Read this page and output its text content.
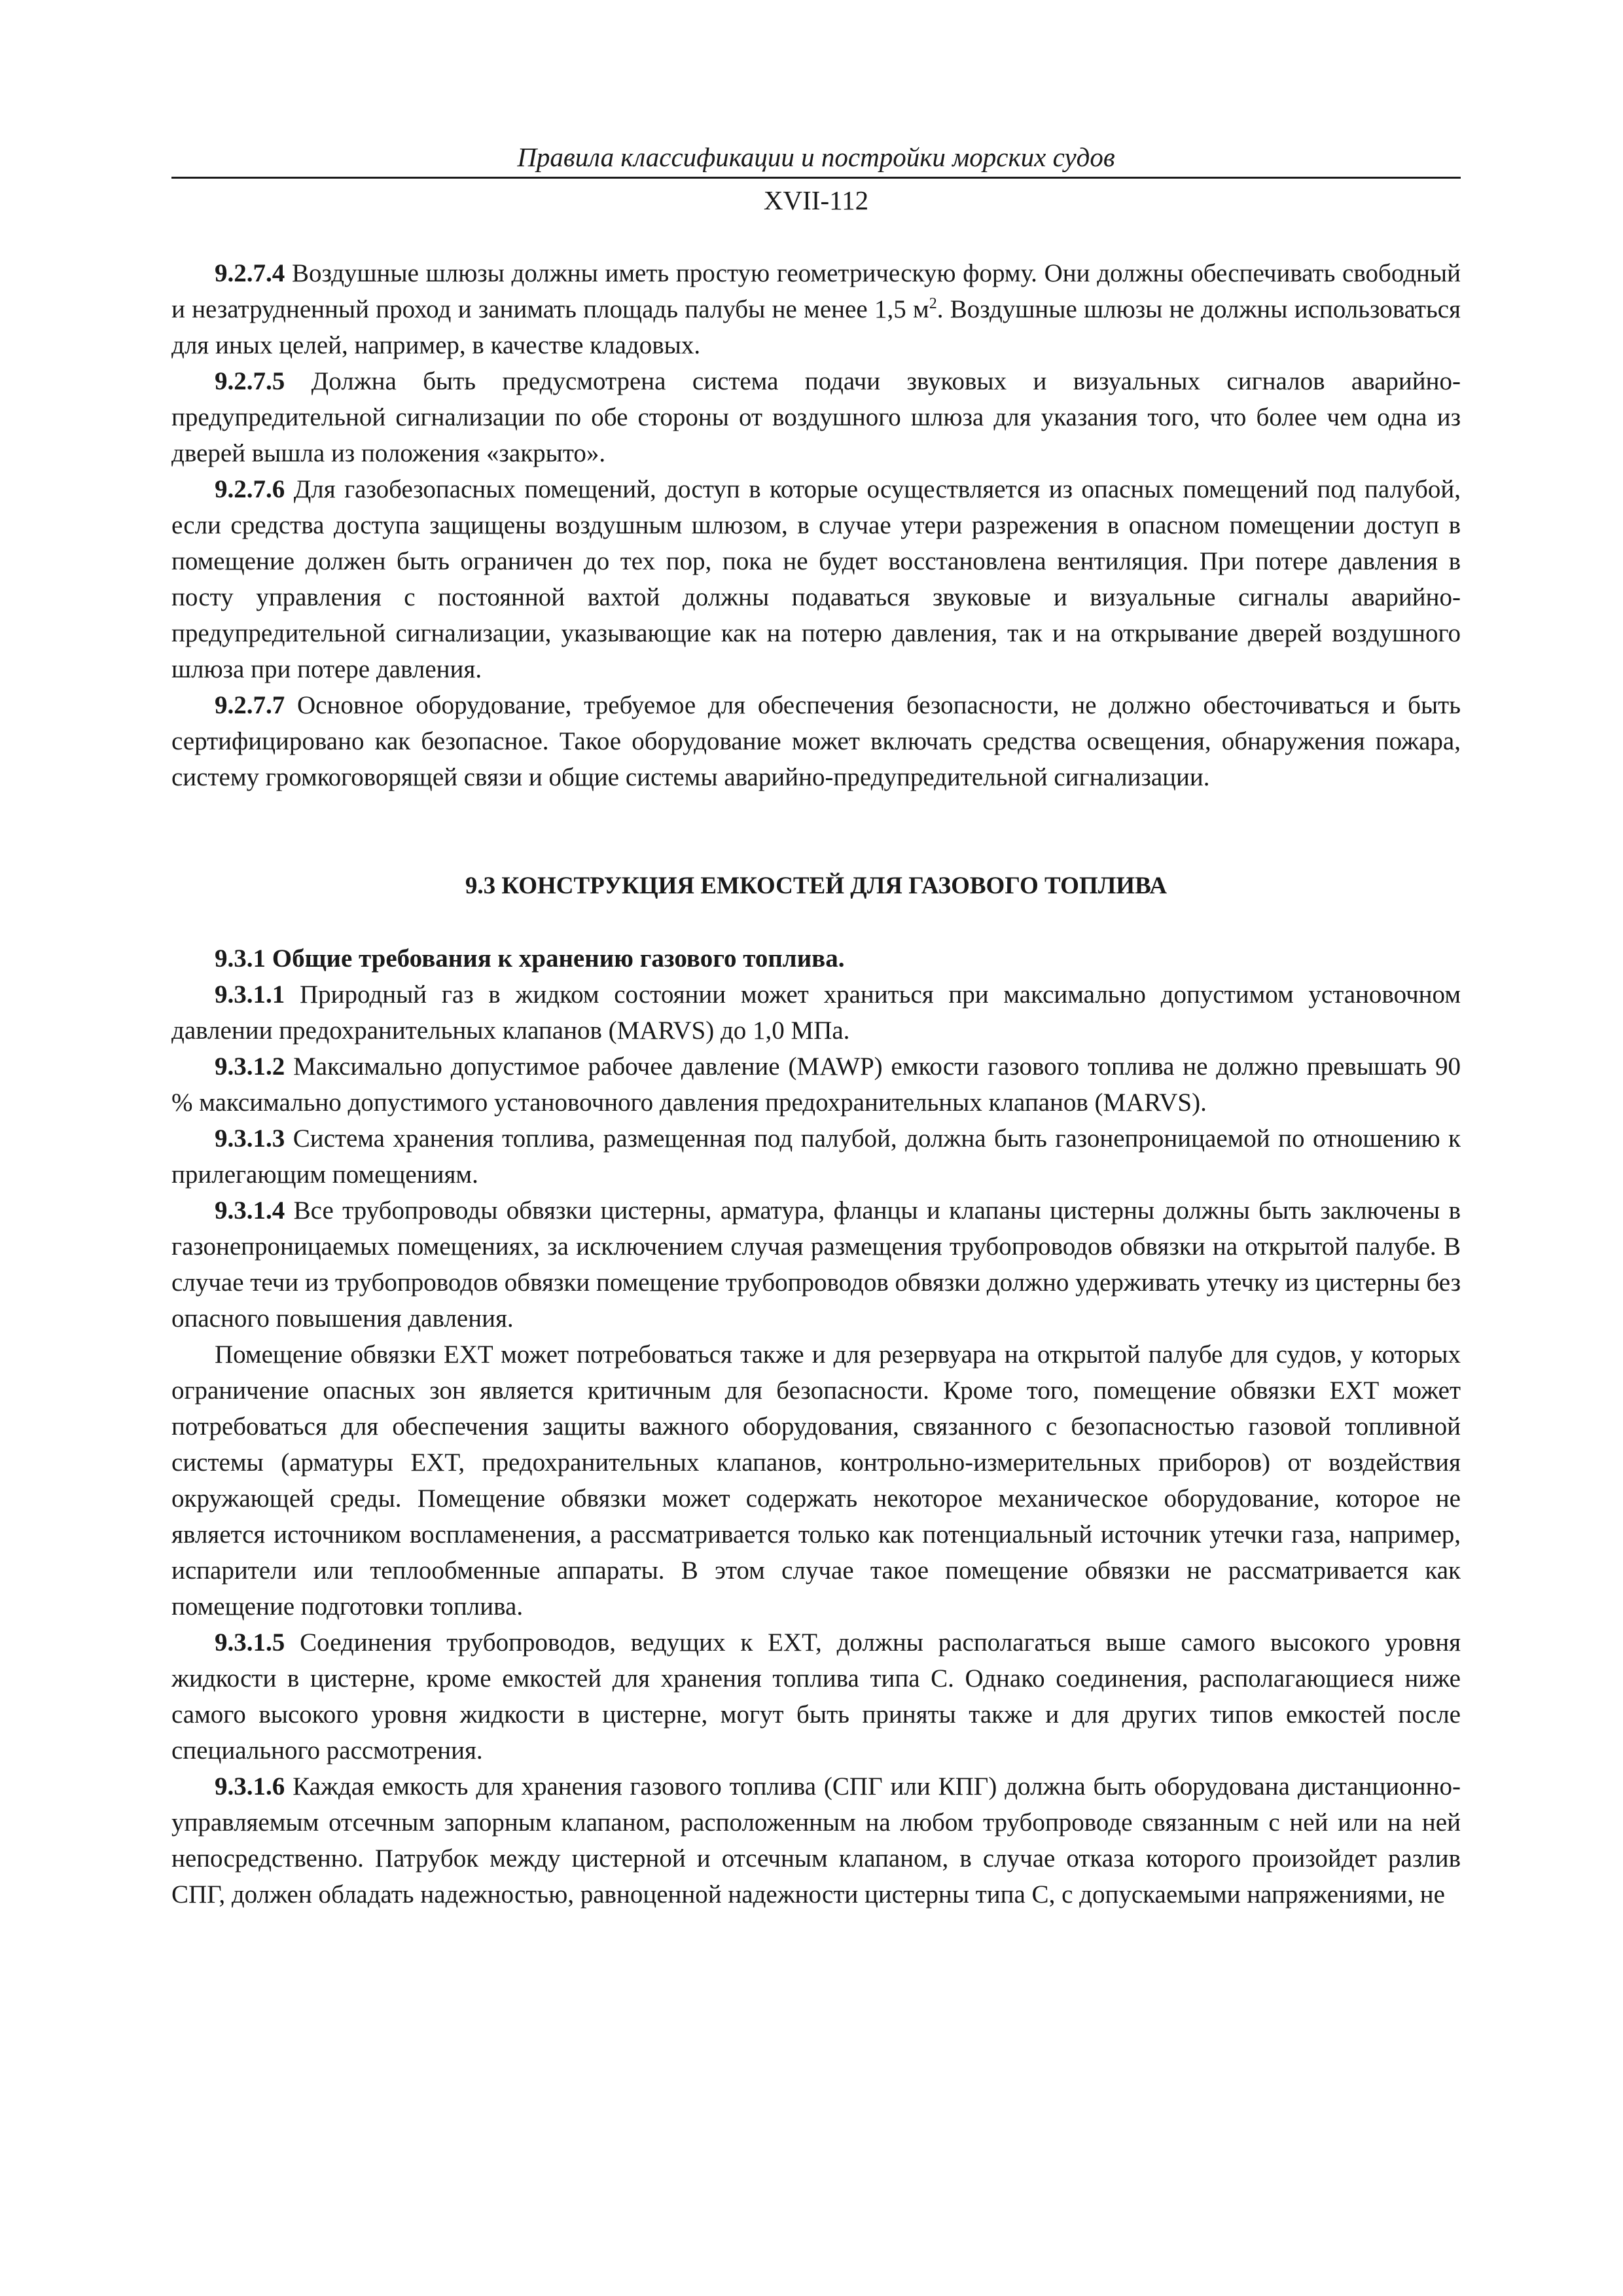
Правила классификации и постройки морских судов
XVII-112

9.2.7.4 Воздушные шлюзы должны иметь простую геометрическую форму. Они должны обеспечивать свободный и незатрудненный проход и занимать площадь палубы не менее 1,5 $м^2$. Воздушные шлюзы не должны использоваться для иных целей, например, в качестве кладовых.

9.2.7.5 Должна быть предусмотрена система подачи звуковых и визуальных сигналов аварийно-предупредительной сигнализации по обе стороны от воздушного шлюза для указания того, что более чем одна из дверей вышла из положения «закрыто».

9.2.7.6 Для газобезопасных помещений, доступ в которые осуществляется из опасных помещений под палубой, если средства доступа защищены воздушным шлюзом, в случае утери разрежения в опасном помещении доступ в помещение должен быть ограничен до тех пор, пока не будет восстановлена вентиляция. При потере давления в посту управления с постоянной вахтой должны подаваться звуковые и визуальные сигналы аварийно-предупредительной сигнализации, указывающие как на потерю давления, так и на открывание дверей воздушного шлюза при потере давления.

9.2.7.7 Основное оборудование, требуемое для обеспечения безопасности, не должно обесточиваться и быть сертифицировано как безопасное. Такое оборудование может включать средства освещения, обнаружения пожара, систему громкоговорящей связи и общие системы аварийно-предупредительной сигнализации.

9.3 КОНСТРУКЦИЯ ЕМКОСТЕЙ ДЛЯ ГАЗОВОГО ТОПЛИВА

9.3.1 Общие требования к хранению газового топлива.

9.3.1.1 Природный газ в жидком состоянии может храниться при максимально допустимом установочном давлении предохранительных клапанов (MARVS) до 1,0 МПа.

9.3.1.2 Максимально допустимое рабочее давление (MAWP) емкости газового топлива не должно превышать 90 % максимально допустимого установочного давления предохранительных клапанов (MARVS).

9.3.1.3 Система хранения топлива, размещенная под палубой, должна быть газонепроницаемой по отношению к прилегающим помещениям.

9.3.1.4 Все трубопроводы обвязки цистерны, арматура, фланцы и клапаны цистерны должны быть заключены в газонепроницаемых помещениях, за исключением случая размещения трубопроводов обвязки на открытой палубе. В случае течи из трубопроводов обвязки помещение трубопроводов обвязки должно удерживать утечку из цистерны без опасного повышения давления.

Помещение обвязки EXT может потребоваться также и для резервуара на открытой палубе для судов, у которых ограничение опасных зон является критичным для безопасности. Кроме того, помещение обвязки EXT может потребоваться для обеспечения защиты важного оборудования, связанного с безопасностью газовой топливной системы (арматуры EXT, предохранительных клапанов, контрольно-измерительных приборов) от воздействия окружающей среды. Помещение обвязки может содержать некоторое механическое оборудование, которое не является источником воспламенения, а рассматривается только как потенциальный источник утечки газа, например, испарители или теплообменные аппараты. В этом случае такое помещение обвязки не рассматривается как помещение подготовки топлива.

9.3.1.5 Соединения трубопроводов, ведущих к EXT, должны располагаться выше самого высокого уровня жидкости в цистерне, кроме емкостей для хранения топлива типа С. Однако соединения, располагающиеся ниже самого высокого уровня жидкости в цистерне, могут быть приняты также и для других типов емкостей после специального рассмотрения.

9.3.1.6 Каждая емкость для хранения газового топлива (СПГ или КПГ) должна быть оборудована дистанционно-управляемым отсечным запорным клапаном, расположенным на любом трубопроводе связанным с ней или на ней непосредственно. Патрубок между цистерной и отсечным клапаном, в случае отказа которого произойдет разлив СПГ, должен обладать надежностью, равноценной надежности цистерны типа С, с допускаемыми напряжениями, не
